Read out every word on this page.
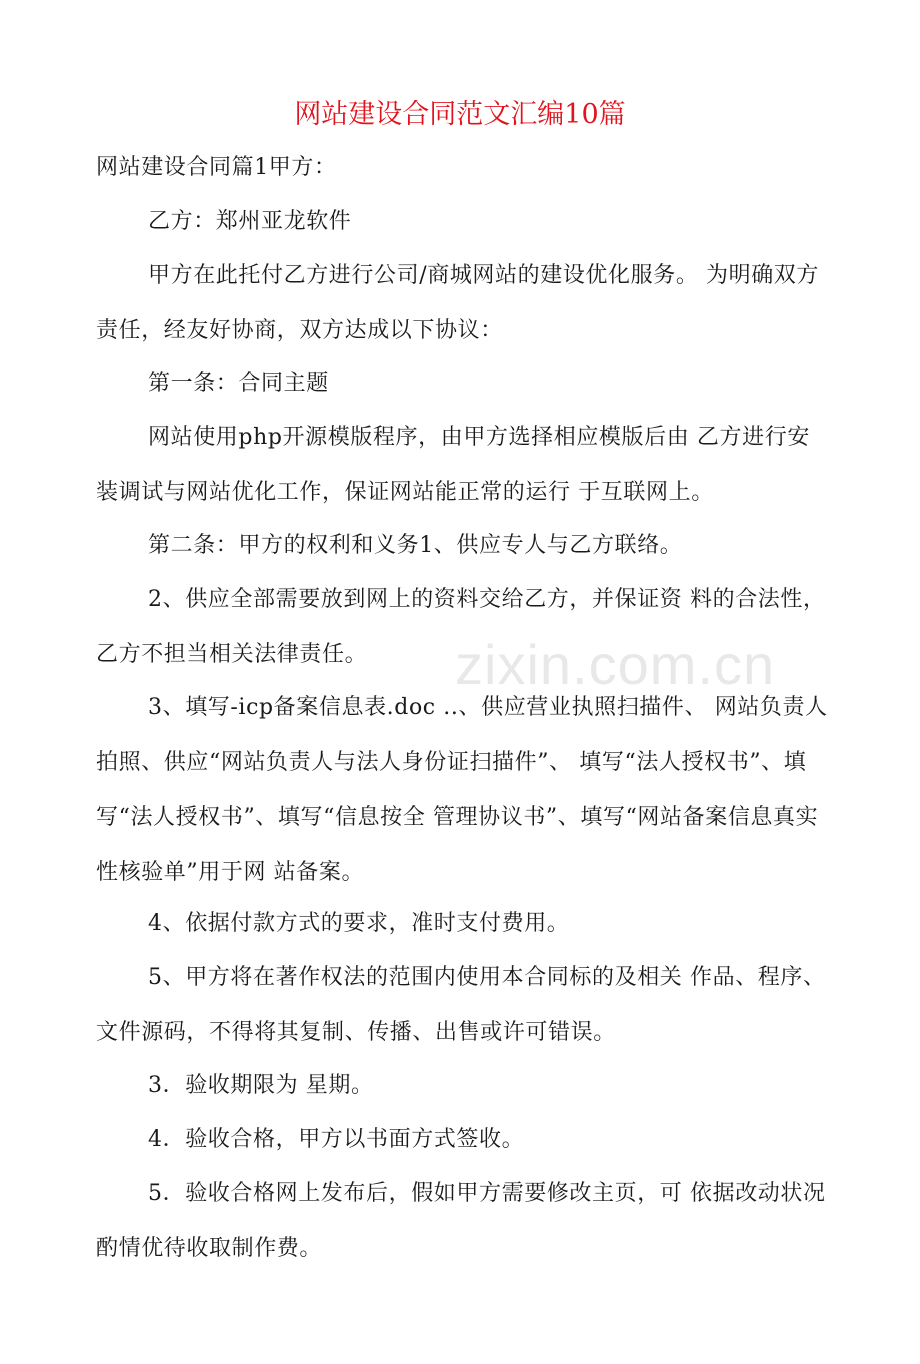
网站建设合同范文汇编10篇

网站建设合同篇1甲方：

乙方：郑州亚龙软件

甲方在此托付乙方进行公司/商城网站的建设优化服务。 为明确双方责任，经友好协商，双方达成以下协议：

第一条：合同主题

网站使用php开源模版程序，由甲方选择相应模版后由 乙方进行安装调试与网站优化工作，保证网站能正常的运行 于互联网上。

第二条：甲方的权利和义务1、供应专人与乙方联络。

2、供应全部需要放到网上的资料交给乙方，并保证资 料的合法性，乙方不担当相关法律责任。

3、填写-icp备案信息表.doc ..、供应营业执照扫描件、 网站负责人拍照、供应“网站负责人与法人身份证扫描件”、 填写“法人授权书”、填写“法人授权书”、填写“信息按全 管理协议书”、填写“网站备案信息真实性核验单”用于网 站备案。

4、依据付款方式的要求，准时支付费用。

5、甲方将在著作权法的范围内使用本合同标的及相关 作品、程序、文件源码，不得将其复制、传播、出售或许可错误。

3．验收期限为 星期。

4．验收合格，甲方以书面方式签收。

5．验收合格网上发布后，假如甲方需要修改主页，可 依据改动状况酌情优待收取制作费。

zixin.com.cn
